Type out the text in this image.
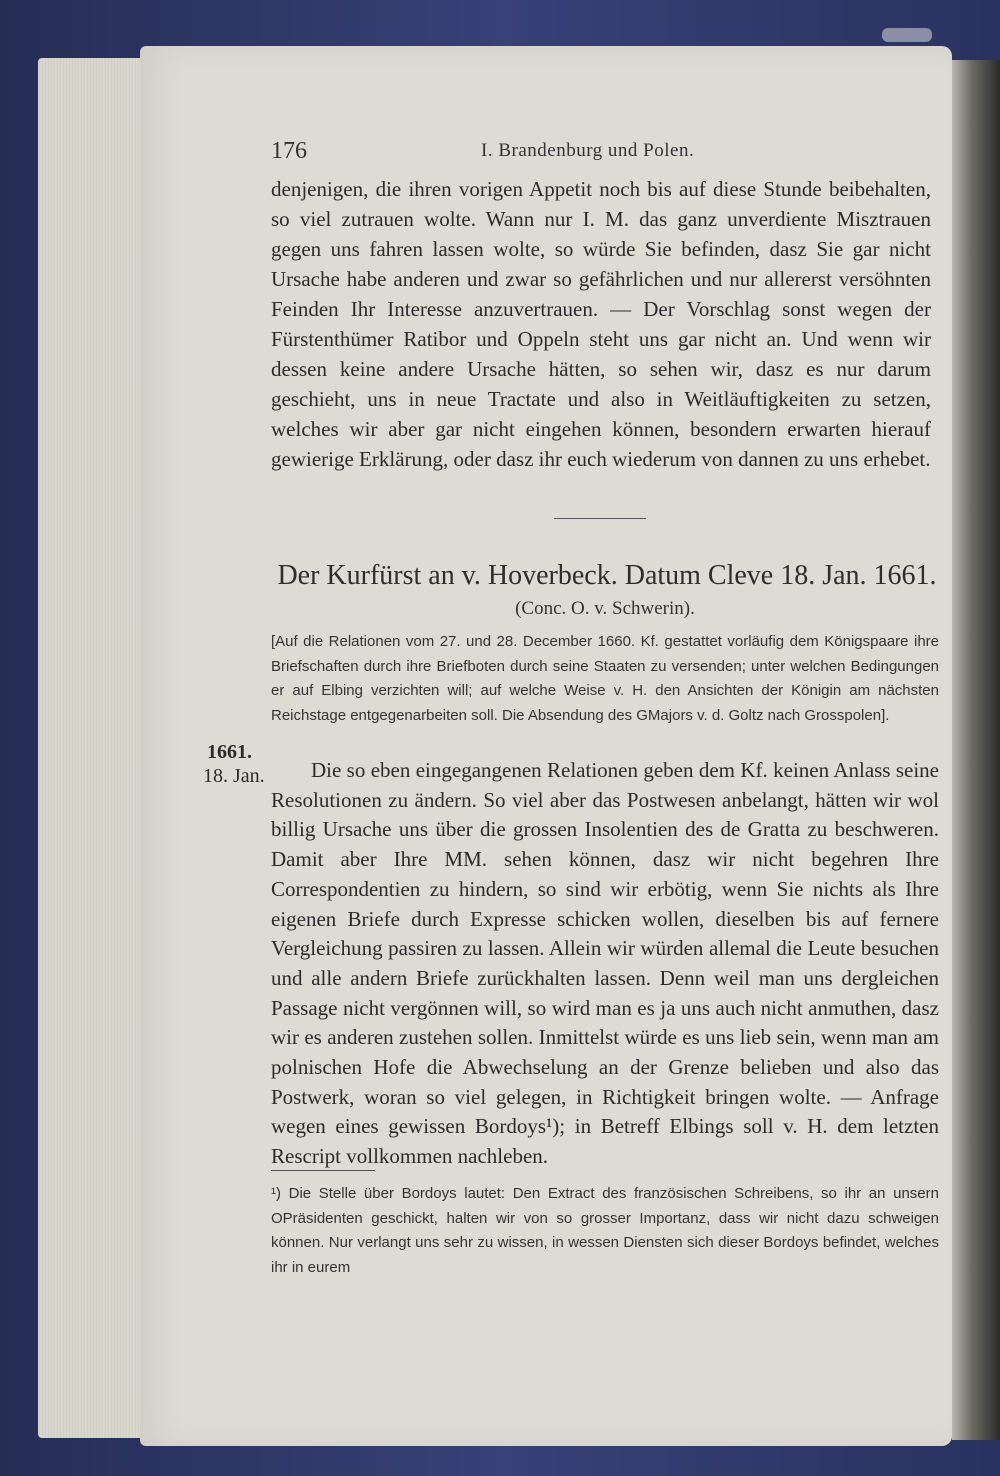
1661.
18. Jan.
176	I. Brandenburg und Polen.

denjenigen, die ihren vorigen Appetit noch bis auf diese Stunde beibehalten, so viel zutrauen wolte. Wann nur I. M. das ganz unverdiente Misztrauen gegen uns fahren lassen wolte, so würde Sie befinden, dasz Sie gar nicht Ursache habe anderen und zwar so gefährlichen und nur allererst versöhnten Feinden Ihr Interesse anzuvertrauen. — Der Vorschlag sonst wegen der Fürstenthümer Ratibor und Oppeln steht uns gar nicht an. Und wenn wir dessen keine andere Ursache hätten, so sehen wir, dasz es nur darum geschieht, uns in neue Tractate und also in Weitläuftigkeiten zu setzen, welches wir aber gar nicht eingehen können, besondern erwarten hierauf gewierige Erklärung, oder dasz ihr euch wiederum von dannen zu uns erhebet.

Der Kurfürst an v. Hoverbeck. Datum Cleve 18. Jan. 1661.
(Conc. O. v. Schwerin).

[Auf die Relationen vom 27. und 28. December 1660. Kf. gestattet vorläufig dem Königspaare ihre Briefschaften durch ihre Briefboten durch seine Staaten zu versenden; unter welchen Bedingungen er auf Elbing verzichten will; auf welche Weise v. H. den Ansichten der Königin am nächsten Reichstage entgegenarbeiten soll. Die Absendung des GMajors v. d. Goltz nach Grosspolen].

Die so eben eingegangenen Relationen geben dem Kf. keinen Anlass seine Resolutionen zu ändern. So viel aber das Postwesen anbelangt, hätten wir wol billig Ursache uns über die grossen Insolentien des de Gratta zu beschweren. Damit aber Ihre MM. sehen können, dasz wir nicht begehren Ihre Correspondentien zu hindern, so sind wir erbötig, wenn Sie nichts als Ihre eigenen Briefe durch Expresse schicken wollen, dieselben bis auf fernere Vergleichung passiren zu lassen. Allein wir würden allemal die Leute besuchen und alle andern Briefe zurückhalten lassen. Denn weil man uns dergleichen Passage nicht vergönnen will, so wird man es ja uns auch nicht anmuthen, dasz wir es anderen zustehen sollen. Inmittelst würde es uns lieb sein, wenn man am polnischen Hofe die Abwechselung an der Grenze belieben und also das Postwerk, woran so viel gelegen, in Richtigkeit bringen wolte. — Anfrage wegen eines gewissen Bordoys¹); in Betreff Elbings soll v. H. dem letzten Rescript vollkommen nachleben.

¹) Die Stelle über Bordoys lautet: Den Extract des französischen Schreibens, so ihr an unsern OPräsidenten geschickt, halten wir von so grosser Importanz, dass wir nicht dazu schweigen können. Nur verlangt uns sehr zu wissen, in wessen Diensten sich dieser Bordoys befindet, welches ihr in eurem
